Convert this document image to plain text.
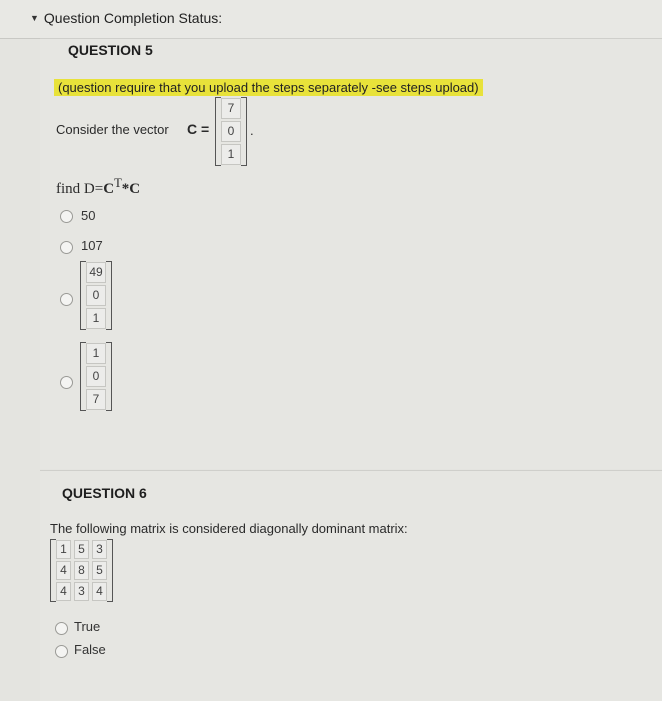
▼ Question Completion Status:
QUESTION 5
(question require that you upload the steps separately -see steps upload)
Consider the vector C =
7
0
1
.
find $D=C^T*C$
50
107
49
0
1
1
0
7
QUESTION 6
The following matrix is considered diagonally dominant matrix:
1 5 3
4 8 5
4 3 4
True
False
